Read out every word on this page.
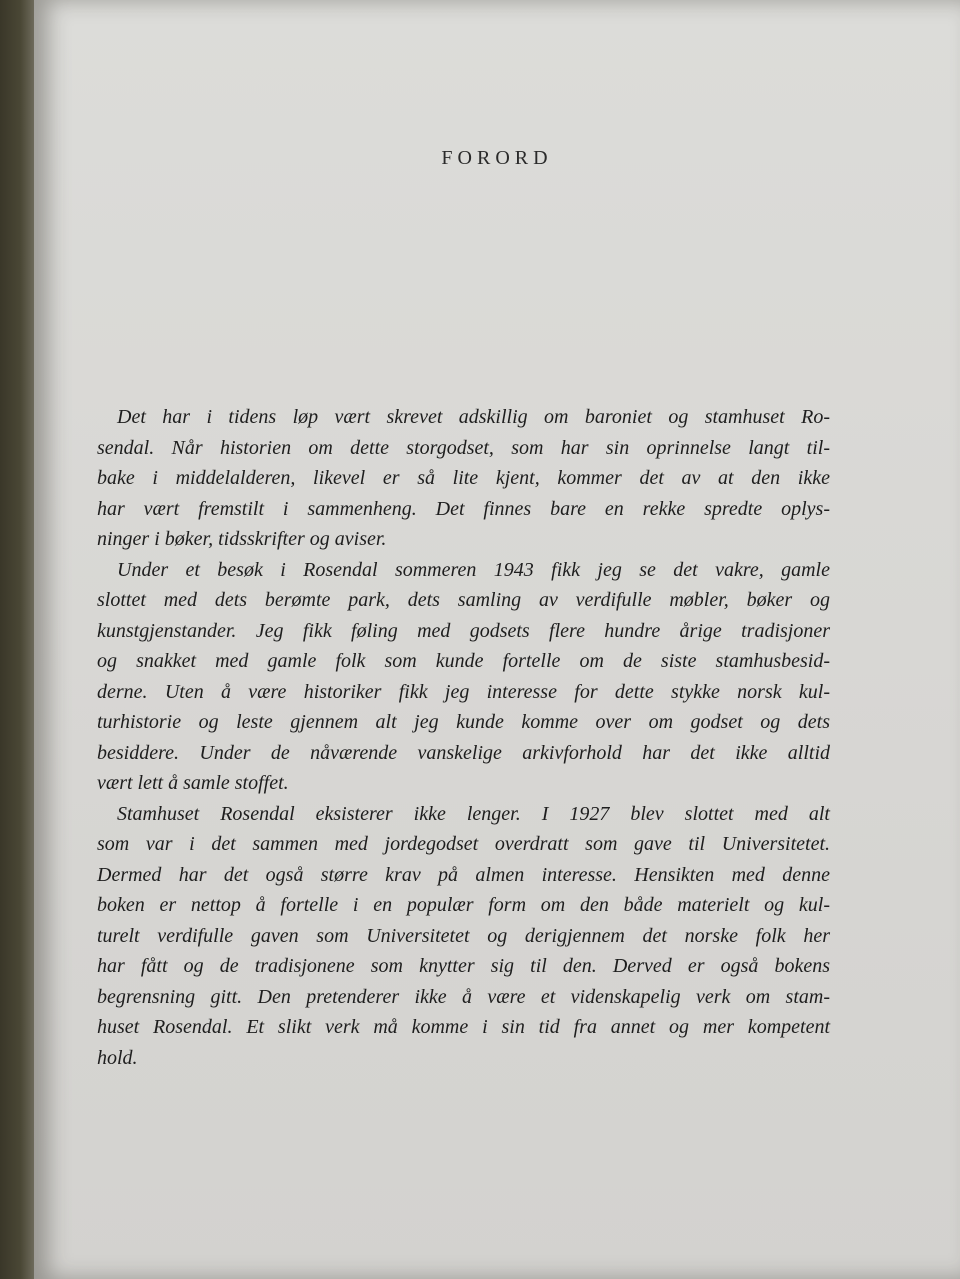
FORORD
Det har i tidens løp vært skrevet adskillig om baroniet og stamhuset Ro-
sendal. Når historien om dette storgodset, som har sin oprinnelse langt til-
bake i middelalderen, likevel er så lite kjent, kommer det av at den ikke
har vært fremstilt i sammenheng. Det finnes bare en rekke spredte oplys-
ninger i bøker, tidsskrifter og aviser.
Under et besøk i Rosendal sommeren 1943 fikk jeg se det vakre, gamle
slottet med dets berømte park, dets samling av verdifulle møbler, bøker og
kunstgjenstander. Jeg fikk føling med godsets flere hundre årige tradisjoner
og snakket med gamle folk som kunde fortelle om de siste stamhusbesid-
derne. Uten å være historiker fikk jeg interesse for dette stykke norsk kul-
turhistorie og leste gjennem alt jeg kunde komme over om godset og dets
besiddere. Under de nåværende vanskelige arkivforhold har det ikke alltid
vært lett å samle stoffet.
Stamhuset Rosendal eksisterer ikke lenger. I 1927 blev slottet med alt
som var i det sammen med jordegodset overdratt som gave til Universitetet.
Dermed har det også større krav på almen interesse. Hensikten med denne
boken er nettop å fortelle i en populær form om den både materielt og kul-
turelt verdifulle gaven som Universitetet og derigjennem det norske folk her
har fått og de tradisjonene som knytter sig til den. Derved er også bokens
begrensning gitt. Den pretenderer ikke å være et videnskapelig verk om stam-
huset Rosendal. Et slikt verk må komme i sin tid fra annet og mer kompetent
hold.
